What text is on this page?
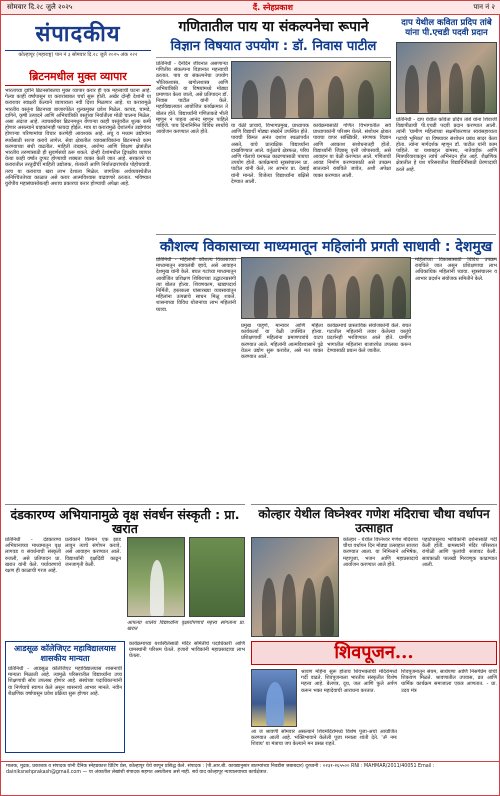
सोमवार दि.२८ जुलै २०२५	दैं. स्नेहप्रकाश	पान नं २
संपादकीय
कोल्हापूर (महाराष्ट्र) पान नं ३ सोमवार दि.२८ जुलै २०२५ अंक २२२
ब्रिटनमधील मुक्त व्यापार
भारताच्या दृष्टीने ब्रिटनसोबतचा मुक्त व्यापार करार ही एक महत्त्वाची घटना आहे. गेल्या काही वर्षांपासून या कराराबाबत चर्चा सुरू होती. अखेर दोन्ही देशांनी या करारावर स्वाक्षरी केल्याने व्यापाराला नवी दिशा मिळणार आहे. या करारामुळे भारतीय वस्तूंना ब्रिटनच्या बाजारपेठेत शुल्कमुक्त प्रवेश मिळेल. कापड, चामडे, दागिने, कृषी उत्पादने आणि अभियांत्रिकी वस्तूंच्या निर्यातीला मोठी चालना मिळेल, असा अंदाज आहे. त्याचबरोबर ब्रिटनमधून येणाऱ्या काही वस्तूंवरील शुल्क कमी होणार असल्याने ग्राहकांनाही फायदा होईल. मात्र या करारामुळे देशांतर्गत उद्योगांवर होणाऱ्या परिणामांचा विचार करणेही आवश्यक आहे. लघु व मध्यम उद्योगांना स्पर्धेसाठी सज्ज करावे लागेल. सेवा क्षेत्रातील व्यावसायिकांना ब्रिटनमध्ये काम करण्याच्या संधी वाढतील. माहिती तंत्रज्ञान, आरोग्य आणि शिक्षण क्षेत्रांतील भारतीय तरुणांसाठी ही सुवर्णसंधी ठरू शकते. दोन्ही देशांमधील द्विपक्षीय व्यापार येत्या काही वर्षांत दुप्पट होण्याची शक्यता व्यक्त केली जात आहे. सरकारने या करारातील तरतुदींची माहिती उद्योजक, शेतकरी आणि निर्यातदारांपर्यंत पोहोचवावी. तरच या कराराचा खरा लाभ देशाला मिळेल. जागतिक अर्थव्यवस्थेतील अनिश्चिततेच्या काळात असे करार आत्मविश्वास वाढवणारे ठरतात. भविष्यात युरोपीय महासंघासोबतही अशाच प्रकारचा करार होण्याची अपेक्षा आहे.
गणितातील पाय या संकल्पनेचा रूपाने
विज्ञान विषयात उपयोग : डॉ. निवास पाटील
प्रतिनिधी - दैनंदिन जीवनात असणाऱ्या गणितीय संकल्पना विज्ञानात महत्त्वाची ठरतात. पाय या संकल्पनेचा उपयोग भौतिकशास्त्र, खगोलशास्त्र आणि अभियांत्रिकी या विषयांमध्ये मोठ्या प्रमाणात केला जातो, असे प्रतिपादन डॉ. निवास पाटील यांनी केले. महाविद्यालयात आयोजित कार्यक्रमात ते बोलत होते. विद्यार्थ्यांनी गणिताकडे भीती म्हणून न पाहता आनंद म्हणून पाहिले पाहिजे. पाय दिनानिमित्त विविध स्पर्धांचे आयोजन करण्यात आले होते.
या वेळी प्राचार्य, विभागप्रमुख, प्राध्यापक आणि विद्यार्थी मोठ्या संख्येने उपस्थित होते. पायची किंमत अनंत दशांश स्थळांपर्यंत असते, याचे प्रात्यक्षिक विद्यार्थ्यांना दाखविण्यात आले. वर्तुळाचे क्षेत्रफळ, परिघ आणि गोलाचे घनफळ काढण्यासाठी पायचा उपयोग होतो. कार्यक्रमाचे सूत्रसंचालन प्रा. पाटील यांनी केले, तर आभार प्रा. देसाई यांनी मानले. विजेत्या विद्यार्थ्यांना बक्षिसे देण्यात आली.
कार्यक्रमासाठी गणित विभागातील सर्व प्राध्यापकांनी परिश्रम घेतले. संशोधन क्षेत्रात पायचा वापर सांख्यिकी, संगणक विज्ञान आणि अवकाश संशोधनातही होतो. विद्यार्थ्यांनी जिज्ञासू वृत्ती जोपासावी, असे आवाहन या वेळी करण्यात आले. गणिताची आवड निर्माण करण्यासाठी असे उपक्रम सातत्याने राबविले जावेत, अशी अपेक्षा व्यक्त करण्यात आली.
दाप येथील कविता प्रदिप तांबे यांना पी.एचडी पदवी प्रदान
प्रतिनिधी - दाप येथील कविता प्रदिप तांबे यांना शिवाजी विद्यापीठाची पी.एचडी पदवी प्रदान करण्यात आली. त्यांनी 'ग्रामीण महिलांच्या सक्षमीकरणात स्वयंसहाय्यता गटांची भूमिका' या विषयावर संशोधन प्रबंध सादर केला होता. त्यांना मार्गदर्शक म्हणून डॉ. पाटील यांनी काम पाहिले. या यशाबद्दल ग्रामस्थ, नातेवाईक आणि मित्रपरिवाराकडून त्यांचे अभिनंदन होत आहे. शैक्षणिक क्षेत्रातील हे यश परिसरातील विद्यार्थिनींसाठी प्रेरणादायी ठरले आहे.
कौशल्य विकासाच्या माध्यमातून महिलांनी प्रगती साधावी : देशमुख
प्रतिनिधी - महिलांनी कौशल्य विकासाच्या माध्यमातून स्वावलंबी व्हावे, असे आवाहन देशमुख यांनी केले. बचत गटांच्या माध्यमातून आयोजित प्रशिक्षण शिबिराच्या उद्घाटनप्रसंगी त्या बोलत होत्या. शिवणकाम, खाद्यपदार्थ निर्मिती, हस्तकला यांसारख्या व्यवसायांतून महिलांना उत्पन्नाचे साधन मिळू शकते. शासनाच्या विविध योजनांचा लाभ महिलांनी घ्यावा.
प्रमुख पाहुणे, मान्यवर आणि महिला कार्यकर्त्या या वेळी उपस्थित होत्या. प्रशिक्षणार्थी महिलांना प्रमाणपत्रांचे वाटप करण्यात आले. महिलांनी आत्मविश्वासाने पुढे येऊन उद्योग सुरू करावेत, असे मत व्यक्त करण्यात आले.
कार्यक्रमाचे प्रास्ताविक संयोजकांनी केले. बचत गटातील महिलांनी तयार केलेल्या वस्तूंचे प्रदर्शनही भरविण्यात आले होते. ग्रामीण भागातील महिलांना बाजारपेठ उपलब्ध करून देण्यासाठी प्रयत्न केले जातील.
महिलांच्या विकासासाठी विविध उपक्रम राबविले जात असून प्रशिक्षणाचा लाभ अधिकाधिक महिलांनी घ्यावा. सूत्रसंचालन व आभार प्रदर्शन संयोजक समितीने केले.
दंडकारण्य अभियानामुळे वृक्ष संवर्धन संस्कृती : प्रा. खरात
प्रतिनिधी - दंडकारण्य अभियानाच्या माध्यमातून वृक्ष लागवड व संवर्धनाची संस्कृती रुजली, असे प्रतिपादन प्रा. खरात यांनी केले. पर्यावरणाचे रक्षण ही काळाची गरज आहे.
प्रत्येकाने किमान एक झाड लावून त्याचे संगोपन करावे, असे आवाहन करण्यात आले. विद्यार्थ्यांनी वृक्षदिंडी काढून जनजागृती केली.
आपल्या शालेय विद्यार्थ्यांना वृक्षारोपणाचे महत्त्व सांगताना प्रा. खरात
कोल्हार येथील विघ्नेश्वर गणेश मंदिराचा चौथा वर्धापन उत्साहात
कोल्हार - येथील विघ्नेश्वर गणेश मंदिराचा चौथा वर्धापन दिन मोठ्या उत्साहात साजरा करण्यात आला. या निमित्ताने अभिषेक, महापूजा, भजन आणि महाप्रसादाचे आयोजन करण्यात आले होते.
पहाटेपासूनच भाविकांनी दर्शनासाठी गर्दी केली होती. ग्रामस्थांनी मंदिर परिसरात रांगोळी आणि फुलांची सजावट केली. सायंकाळी पालखी मिरवणूक काढण्यात आली.
आडसूळ कॉलेजिएट महाविद्यालयास शासकीय मान्यता
प्रतिनिधी - आडसूळ कॉलेजिएट महाविद्यालयास शासनाची मान्यता मिळाली आहे. त्यामुळे परिसरातील विद्यार्थ्यांना उच्च शिक्षणाची सोय उपलब्ध होणार आहे. संस्थेच्या पदाधिकाऱ्यांनी या निर्णयाचे स्वागत केले असून शासनाचे आभार मानले. नवीन शैक्षणिक वर्षापासून प्रवेश प्रक्रिया सुरू होणार आहे.
कार्यक्रमाच्या यशस्वितेसाठी मंदिर समितीचे पदाधिकारी आणि ग्रामस्थांनी परिश्रम घेतले. हजारो भाविकांनी महाप्रसादाचा लाभ घेतला.	शिवपूजन...
श्रावण महिना सुरू होताच शिवभक्तांची मंदिरांमध्ये गर्दी वाढते. शिवपूजनाला भारतीय संस्कृतीत विशेष महत्त्व आहे. बेलपत्र, दूध, जल आणि फुले अर्पण करून भक्त महादेवाची आराधना करतात.
शिवपूजनातून संयम, साधेपणा आणि निसर्गप्रेम यांची शिकवण मिळते. श्रावणातील उपवास, व्रत आणि धार्मिक कार्यक्रम समाजाला एकत्र आणतात. - प्रा. उदय मंत्र
आ ज श्रावणी सोमवार असल्याने शिवमंदिरांमध्ये विशेष पूजा-अर्चा आयोजित करण्यात आली आहे. भक्तिभावाने केलेली पूजा मनाला शांती देते. 'ॐ नमः शिवाय' या मंत्राचा जप केल्याने मन प्रसन्न राहते.
मालक, मुद्रक, प्रकाशक व संपादक यांनी दैनिक स्नेहप्रकाश प्रिंटिंग प्रेस, कोल्हापूर येथे छापून प्रसिद्ध केले. संपादक : (पी.आर.बी. कायद्यानुसार बातम्यांच्या निवडीस जबाबदार) दूरध्वनी : ०२३१-२६५५०० RNI : MAHMAR/2011/40051 Email : dainiksnehprakash@gmail.com — या अंकातील लेखांशी संपादक सहमत असतीलच असे नाही. सर्व वाद कोल्हापूर न्यायालयाच्या कार्यक्षेत्रात.
